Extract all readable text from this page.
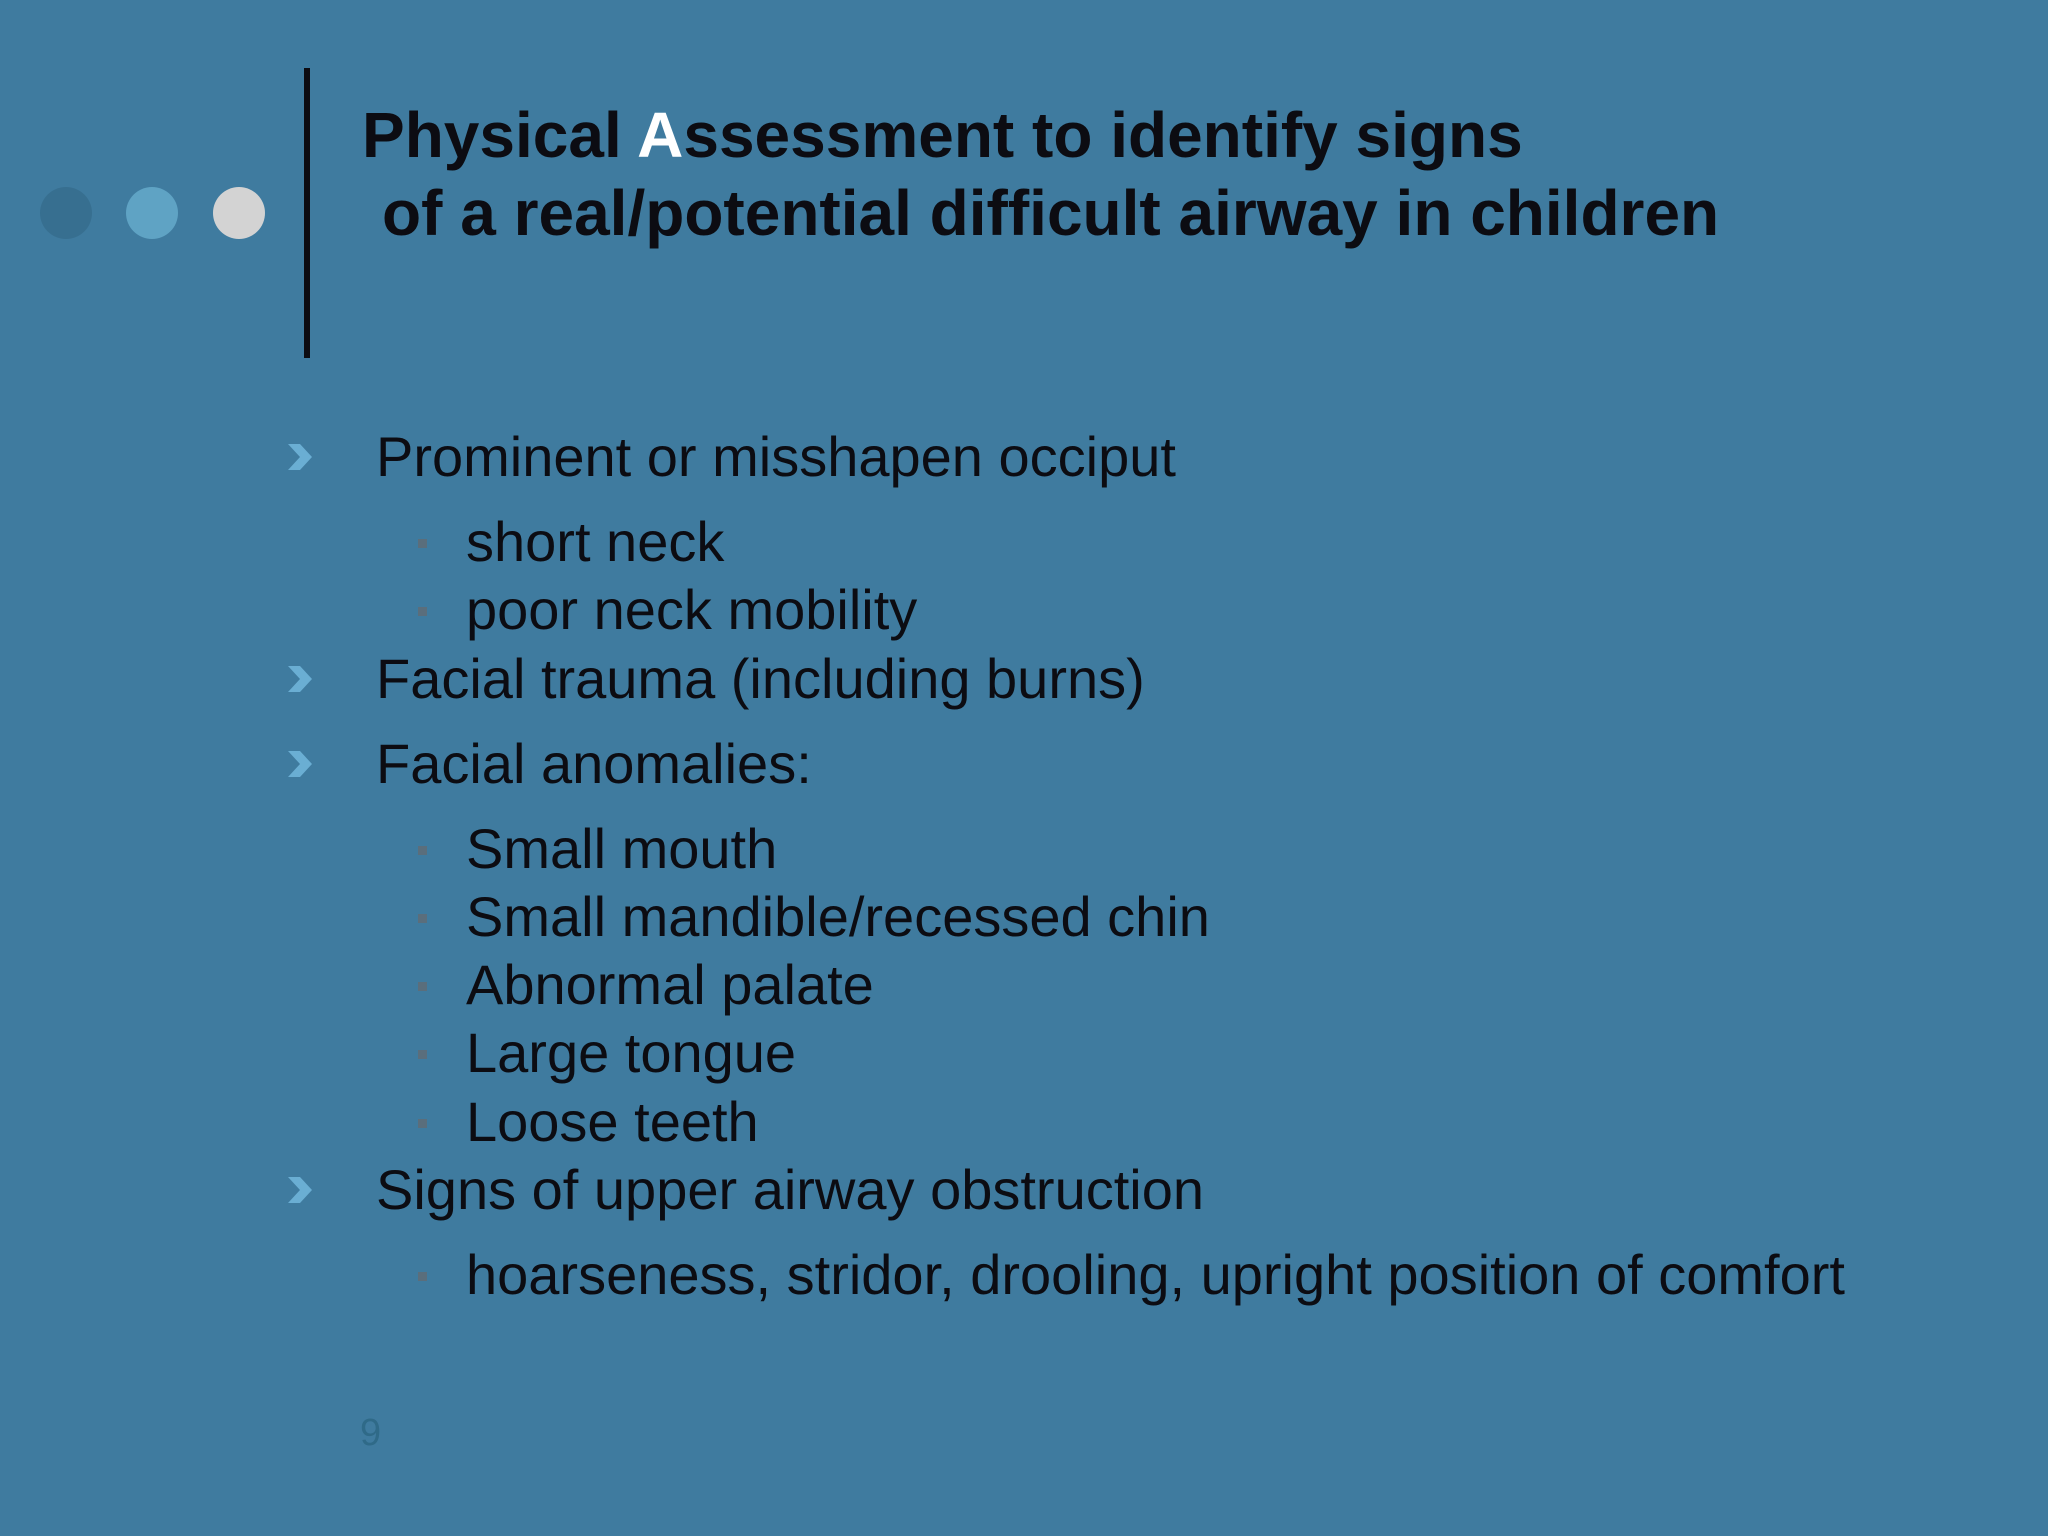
Physical Assessment to identify signs
of a real/potential difficult airway in children
Prominent or misshapen occiput
short neck
poor neck mobility
Facial trauma (including burns)
Facial anomalies:
Small mouth
Small mandible/recessed chin
Abnormal palate
Large tongue
Loose teeth
Signs of upper airway obstruction
hoarseness, stridor, drooling, upright position of comfort
9
